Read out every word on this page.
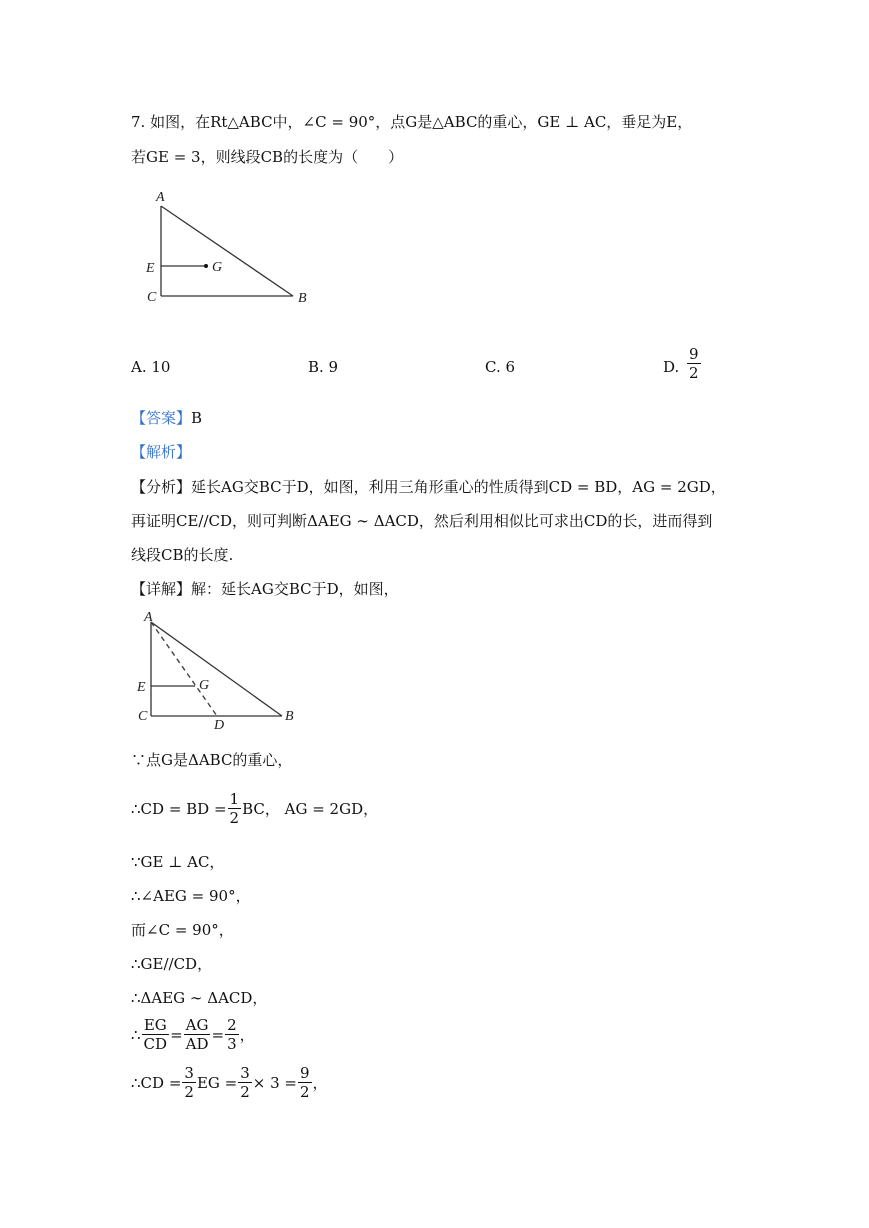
7. 如图，在Rt△ABC中，∠C = 90°，点G是△ABC的重心，GE ⊥ AC，垂足为E，
若GE = 3，则线段CB的长度为（　　）
A
E	G
C	B
A. 10	B. 9	C. 6	D. $\frac{9}{2}$
【答案】B
【解析】
【分析】延长AG交BC于D，如图，利用三角形重心的性质得到CD = BD，AG = 2GD，
再证明CE//CD，则可判断ΔAEG ∼ ΔACD，然后利用相似比可求出CD的长，进而得到
线段CB的长度.
【详解】解：延长AG交BC于D，如图，
A
E	G
C
D
B
∵点G是ΔABC的重心，
∴CD = BD = $\frac{1}{2}$ BC， AG = 2GD，
∵GE ⊥ AC，
∴∠AEG = 90°，
而∠C = 90°，
∴GE//CD，
∴ΔAEG ∼ ΔACD，
∴ $\frac{EG}{CD} = \frac{AG}{AD} = \frac{2}{3}$ ，
∴CD = $\frac{3}{2}$ EG = $\frac{3}{2} \times 3 = \frac{9}{2}$ ，
